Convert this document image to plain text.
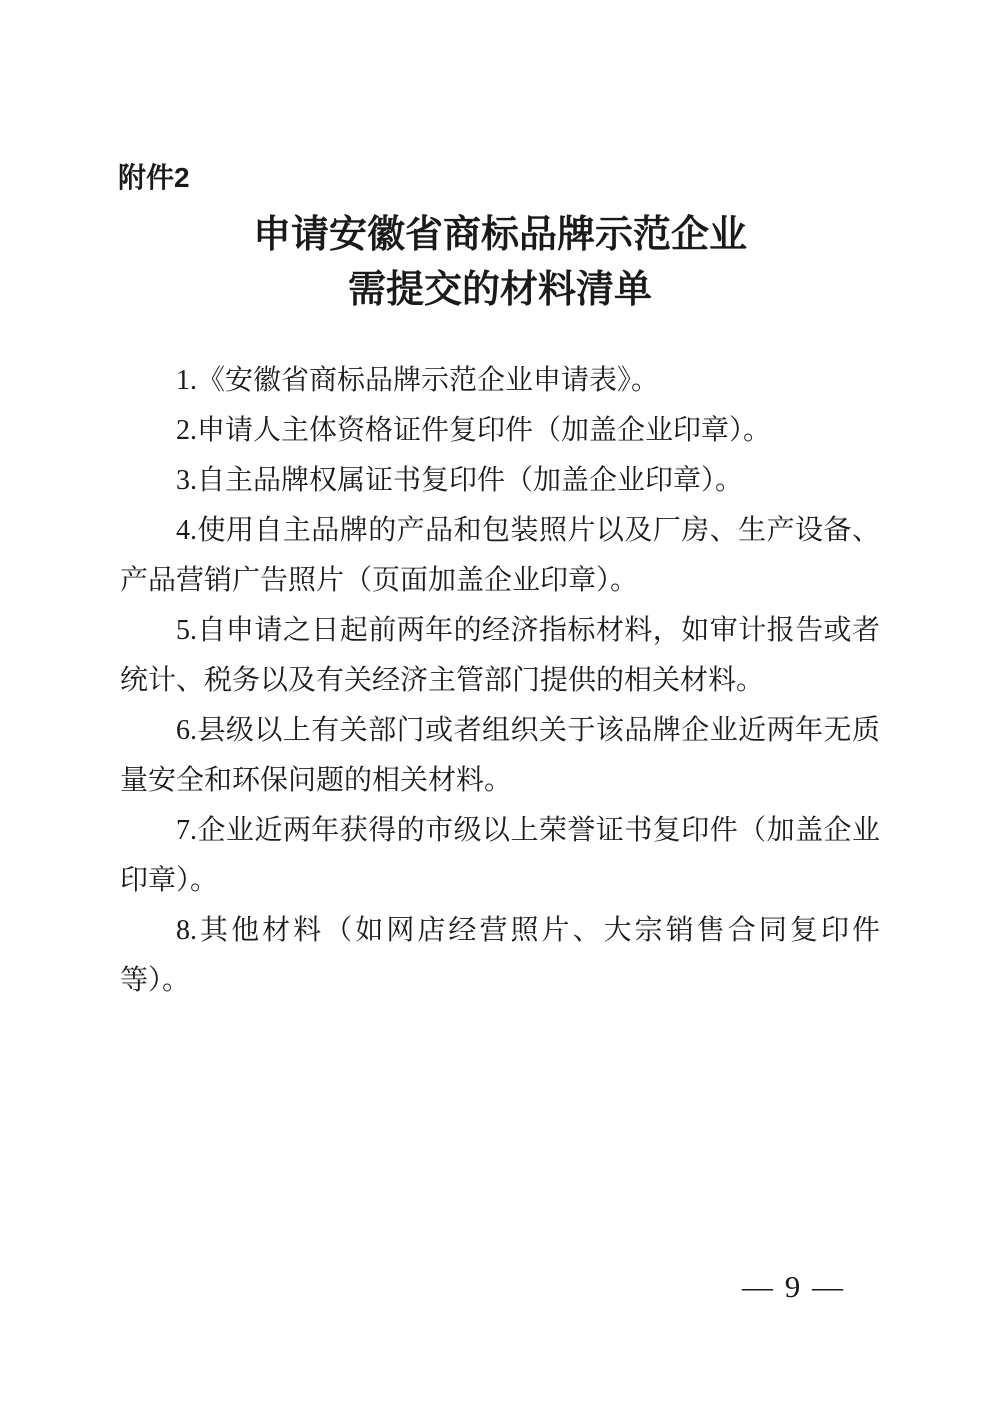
附件2
申请安徽省商标品牌示范企业
需提交的材料清单

1.《安徽省商标品牌示范企业申请表》。

2.申请人主体资格证件复印件（加盖企业印章）。

3.自主品牌权属证书复印件（加盖企业印章）。

4.使用自主品牌的产品和包装照片以及厂房、生产设备、产品营销广告照片（页面加盖企业印章）。

5.自申请之日起前两年的经济指标材料，如审计报告或者统计、税务以及有关经济主管部门提供的相关材料。

6.县级以上有关部门或者组织关于该品牌企业近两年无质量安全和环保问题的相关材料。

7.企业近两年获得的市级以上荣誉证书复印件（加盖企业印章）。

8.其他材料（如网店经营照片、大宗销售合同复印件等）。

— 9 —
